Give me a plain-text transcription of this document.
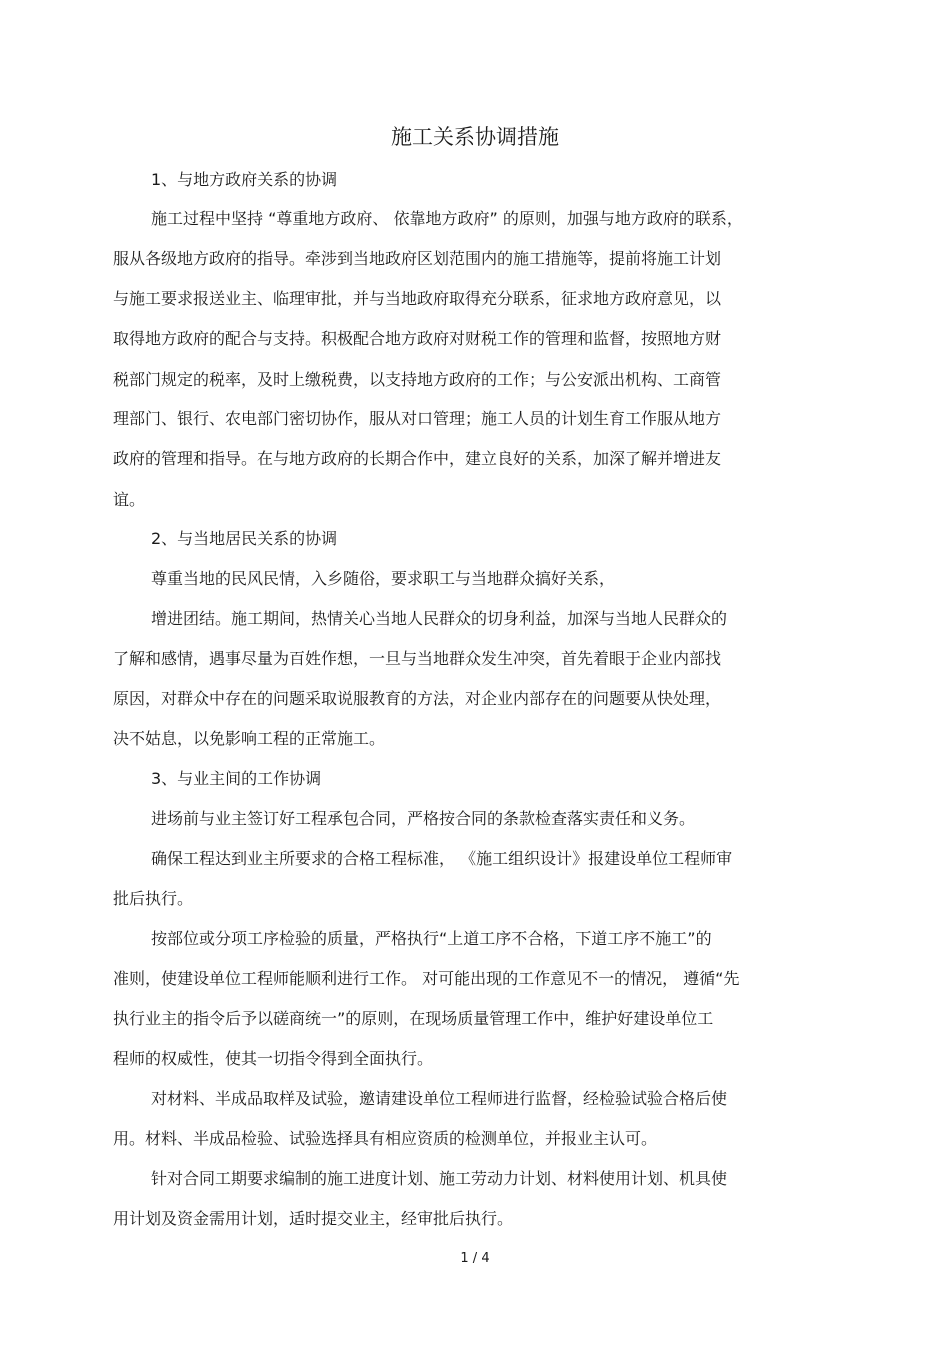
施工关系协调措施
1、与地方政府关系的协调
施工过程中坚持 “尊重地方政府、 依靠地方政府” 的原则，加强与地方政府的联系，
服从各级地方政府的指导。牵涉到当地政府区划范围内的施工措施等，提前将施工计划
与施工要求报送业主、临理审批，并与当地政府取得充分联系，征求地方政府意见，以
取得地方政府的配合与支持。积极配合地方政府对财税工作的管理和监督，按照地方财
税部门规定的税率，及时上缴税费，以支持地方政府的工作；与公安派出机构、工商管
理部门、银行、农电部门密切协作，服从对口管理；施工人员的计划生育工作服从地方
政府的管理和指导。在与地方政府的长期合作中，建立良好的关系，加深了解并增进友
谊。
2、与当地居民关系的协调
尊重当地的民风民情，入乡随俗，要求职工与当地群众搞好关系，
增进团结。施工期间，热情关心当地人民群众的切身利益，加深与当地人民群众的
了解和感情，遇事尽量为百姓作想，一旦与当地群众发生冲突，首先着眼于企业内部找
原因，对群众中存在的问题采取说服教育的方法，对企业内部存在的问题要从快处理，
决不姑息，以免影响工程的正常施工。
3、与业主间的工作协调
进场前与业主签订好工程承包合同，严格按合同的条款检查落实责任和义务。
确保工程达到业主所要求的合格工程标准， 《施工组织设计》报建设单位工程师审
批后执行。
按部位或分项工序检验的质量，严格执行“上道工序不合格，下道工序不施工”的
准则，使建设单位工程师能顺利进行工作。 对可能出现的工作意见不一的情况， 遵循“先
执行业主的指令后予以磋商统一”的原则，在现场质量管理工作中，维护好建设单位工
程师的权威性，使其一切指令得到全面执行。
对材料、半成品取样及试验，邀请建设单位工程师进行监督，经检验试验合格后使
用。材料、半成品检验、试验选择具有相应资质的检测单位，并报业主认可。
针对合同工期要求编制的施工进度计划、施工劳动力计划、材料使用计划、机具使
用计划及资金需用计划，适时提交业主，经审批后执行。
1 / 4
